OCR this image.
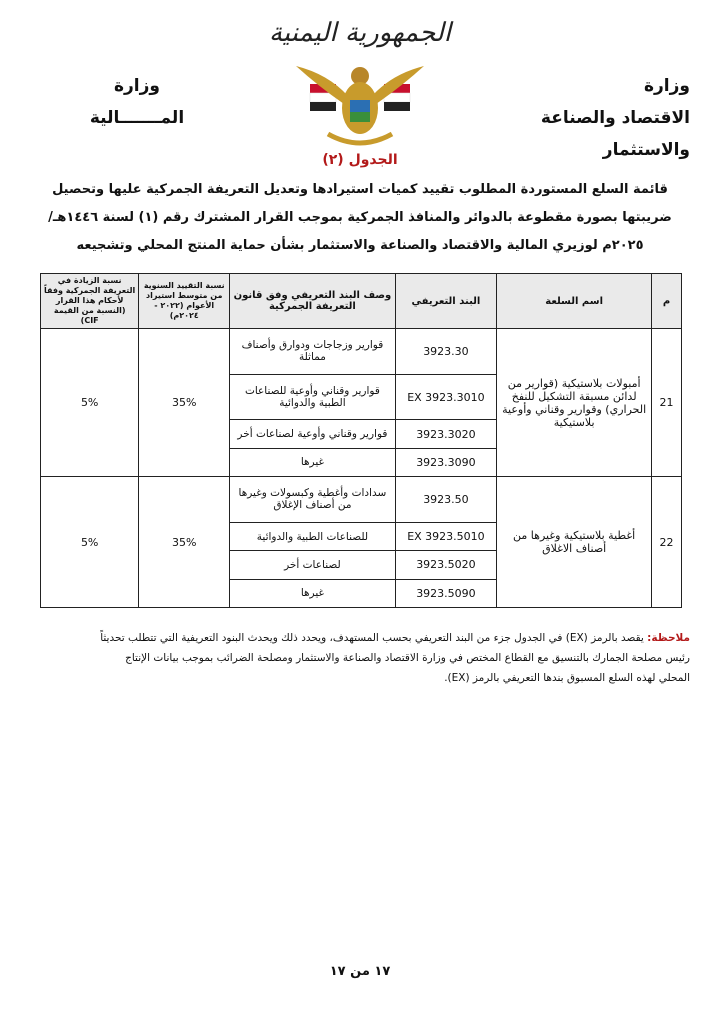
الجمهورية اليمنية
وزارة
الاقتصاد والصناعة والاستثمار
وزارة
المـــــــالية
الجدول (٢)
قائمة السلع المستوردة المطلوب تقييد كميات استيرادها وتعديل التعريفة الجمركية عليها وتحصيل ضريبتها بصورة مقطوعة بالدوائر والمنافذ الجمركية بموجب القرار المشترك رقم (١) لسنة ١٤٤٦هـ/٢٠٢٥م لوزيري المالية والاقتصاد والصناعة والاستثمار بشأن حماية المنتج المحلي وتشجيعه
م	اسم السلعة	البند التعريفي	وصف البند التعريفي وفق قانون التعريفة الجمركية	نسبة التقييد السنوية من متوسط استيراد الأعوام (٢٠٢٢ - ٢٠٢٤م)	نسبة الزيادة في التعريفة الجمركية وفقاً لأحكام هذا القرار (النسبة من القيمة CIF)
21	أمبولات بلاستيكية (قوارير من لدائن مسبقة التشكيل للنفخ الحراري) وقوارير وقناني وأوعية بلاستيكية	3923.30	قوارير وزجاجات ودوارق وأصناف مماثلة	35%	5%
		EX 3923.3010	قوارير وقناني وأوعية للصناعات الطبية والدوائية		
		3923.3020	قوارير وقناني وأوعية لصناعات أخر		
		3923.3090	غيرها		
22	أغطية بلاستيكية وغيرها من أصناف الاغلاق	3923.50	سدادات وأغطية وكبسولات وغيرها من أصناف الإغلاق	35%	5%
		EX 3923.5010	للصناعات الطبية والدوائية		
		3923.5020	لصناعات أخر		
		3923.5090	غيرها		
ملاحظة: يقصد بالرمز (EX) في الجدول جزء من البند التعريفي بحسب المستهدف، ويحدد ذلك ويحدث البنود التعريفية التي تتطلب تحديثاً رئيس مصلحة الجمارك بالتنسيق مع القطاع المختص في وزارة الاقتصاد والصناعة والاستثمار ومصلحة الضرائب بموجب بيانات الإنتاج المحلي لهذه السلع المسبوق بندها التعريفي بالرمز (EX).
١٧ من ١٧
